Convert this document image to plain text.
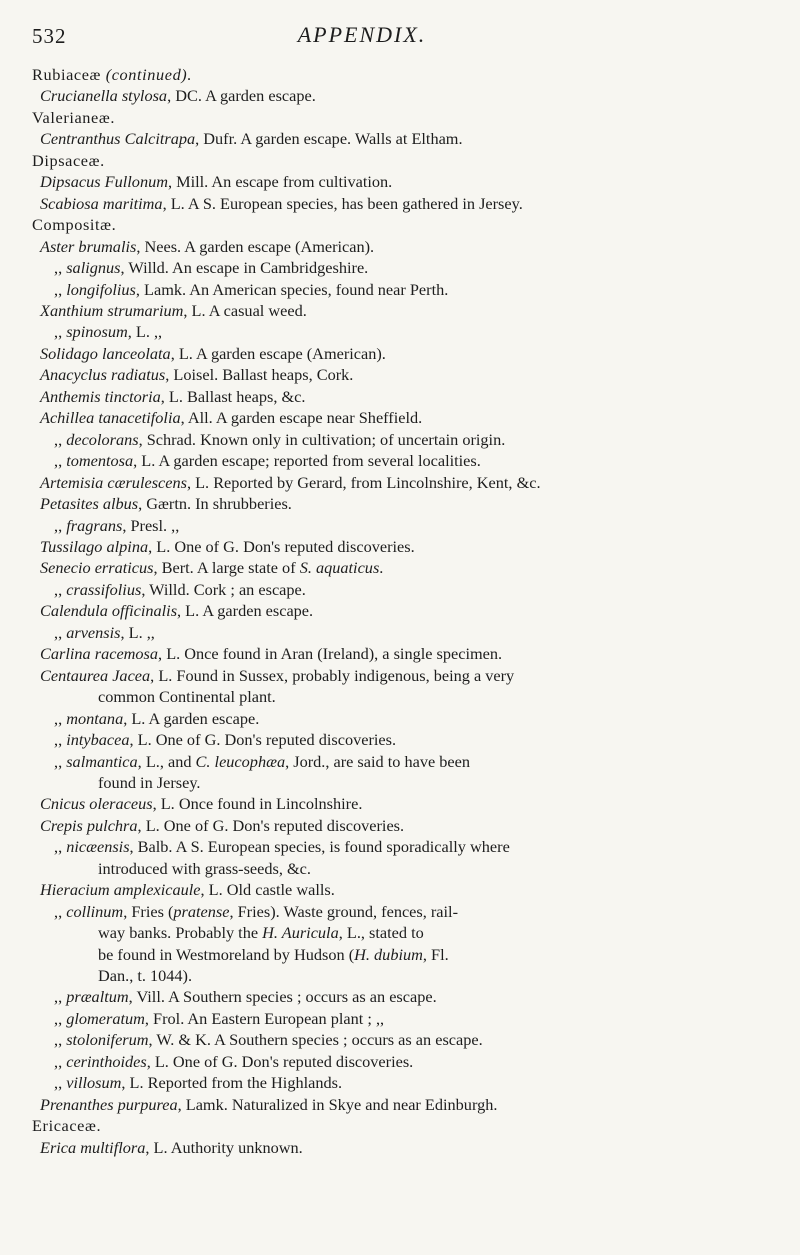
532	APPENDIX.
Rubiaceæ (continued).
Crucianella stylosa, DC. A garden escape.
Valerianeæ.
Centranthus Calcitrapa, Dufr. A garden escape. Walls at Eltham.
Dipsaceæ.
Dipsacus Fullonum, Mill. An escape from cultivation.
Scabiosa maritima, L. A S. European species, has been gathered in Jersey.
Compositæ.
Aster brumalis, Nees. A garden escape (American).
,, salignus, Willd. An escape in Cambridgeshire.
,, longifolius, Lamk. An American species, found near Perth.
Xanthium strumarium, L. A casual weed.
,, spinosum, L. ,,
Solidago lanceolata, L. A garden escape (American).
Anacyclus radiatus, Loisel. Ballast heaps, Cork.
Anthemis tinctoria, L. Ballast heaps, &c.
Achillea tanacetifolia, All. A garden escape near Sheffield.
,, decolorans, Schrad. Known only in cultivation; of uncertain origin.
,, tomentosa, L. A garden escape; reported from several localities.
Artemisia cærulescens, L. Reported by Gerard, from Lincolnshire, Kent, &c.
Petasites albus, Gærtn. In shrubberies.
,, fragrans, Presl. ,,
Tussilago alpina, L. One of G. Don's reputed discoveries.
Senecio erraticus, Bert. A large state of S. aquaticus.
,, crassifolius, Willd. Cork ; an escape.
Calendula officinalis, L. A garden escape.
,, arvensis, L. ,,
Carlina racemosa, L. Once found in Aran (Ireland), a single specimen.
Centaurea Jacea, L. Found in Sussex, probably indigenous, being a very
common Continental plant.
,, montana, L. A garden escape.
,, intybacea, L. One of G. Don's reputed discoveries.
,, salmantica, L., and C. leucophæa, Jord., are said to have been
found in Jersey.
Cnicus oleraceus, L. Once found in Lincolnshire.
Crepis pulchra, L. One of G. Don's reputed discoveries.
,, nicæensis, Balb. A S. European species, is found sporadically where
introduced with grass-seeds, &c.
Hieracium amplexicaule, L. Old castle walls.
,, collinum, Fries (pratense, Fries). Waste ground, fences, rail-
way banks. Probably the H. Auricula, L., stated to
be found in Westmoreland by Hudson (H. dubium, Fl.
Dan., t. 1044).
,, præaltum, Vill. A Southern species ; occurs as an escape.
,, glomeratum, Frol. An Eastern European plant ; ,,
,, stoloniferum, W. & K. A Southern species ; occurs as an escape.
,, cerinthoides, L. One of G. Don's reputed discoveries.
,, villosum, L. Reported from the Highlands.
Prenanthes purpurea, Lamk. Naturalized in Skye and near Edinburgh.
Ericaceæ.
Erica multiflora, L. Authority unknown.
